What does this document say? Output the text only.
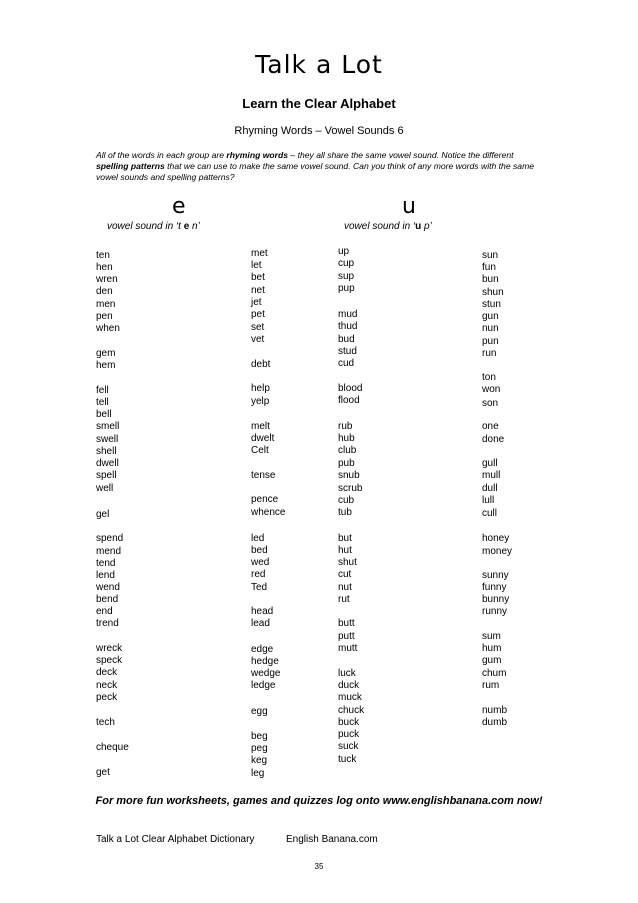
Talk a Lot
Learn the Clear Alphabet
Rhyming Words – Vowel Sounds 6
All of the words in each group are rhyming words – they all share the same vowel sound. Notice the different spelling patterns that we can use to make the same vowel sound. Can you think of any more words with the same vowel sounds and spelling patterns?
e
vowel sound in ‘t e n’
u
vowel sound in ‘u p’
ten
hen
wren
den
men
pen
when
gem
hem
fell
tell
bell
smell
swell
shell
dwell
spell
well
gel
spend
mend
tend
lend
wend
bend
end
trend
wreck
speck
deck
neck
peck
tech
cheque
get
met
let
bet
net
jet
pet
set
vet
debt
help
yelp
melt
dwelt
Celt
tense
pence
whence
led
bed
wed
red
Ted
head
lead
edge
hedge
wedge
ledge
egg
beg
peg
keg
leg
up
cup
sup
pup
mud
thud
bud
stud
cud
blood
flood
rub
hub
club
pub
snub
scrub
cub
tub
but
hut
shut
cut
nut
rut
butt
putt
mutt
luck
duck
muck
chuck
buck
puck
suck
tuck
sun
fun
bun
shun
stun
gun
nun
pun
run
ton
won
son
one
done
gull
mull
dull
lull
cull
honey
money
sunny
funny
bunny
runny
sum
hum
gum
chum
rum
numb
dumb
For more fun worksheets, games and quizzes log onto www.englishbanana.com now!
Talk a Lot Clear Alphabet Dictionary	English Banana.com
35
